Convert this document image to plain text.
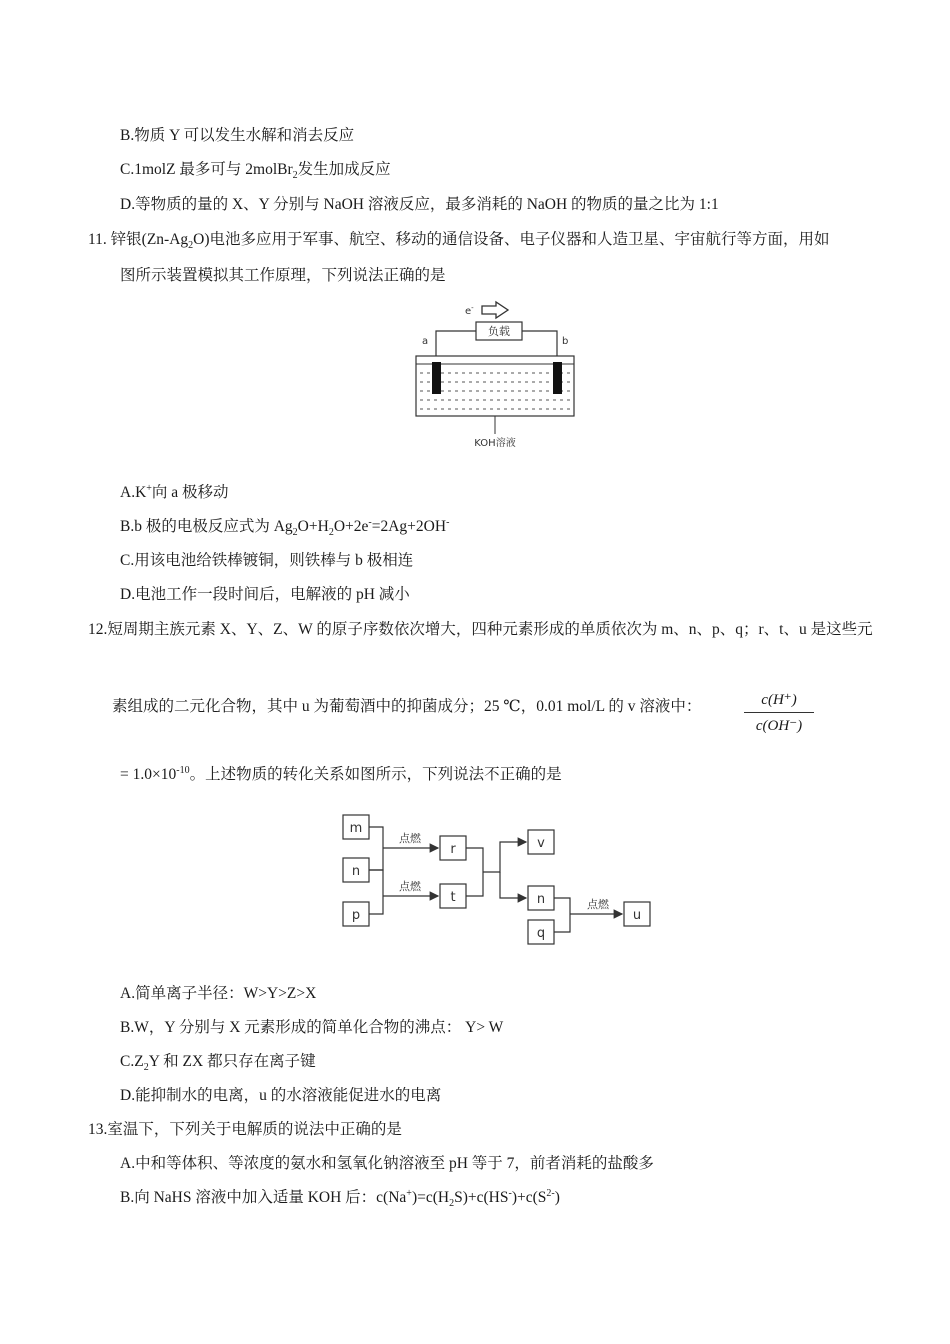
B.物质 Y 可以发生水解和消去反应
C.1molZ 最多可与 2molBr$_2$发生加成反应
D.等物质的量的 X、Y 分别与 NaOH 溶液反应，最多消耗的 NaOH 的物质的量之比为 1:1
11. 锌银$(Zn-Ag_2O)$电池多应用于军事、航空、移动的通信设备、电子仪器和人造卫星、宇宙航行等方面，用如
图所示装置模拟其工作原理，下列说法正确的是
e-
负载
a	b
KOH溶液
A.K+向 a 极移动
B.b 极的电极反应式为 $Ag_2O+H_2O+2e^-=2Ag+2OH^-$
C.用该电池给铁棒镀铜，则铁棒与 b 极相连
D.电池工作一段时间后，电解液的 pH 减小
12.短周期主族元素 X、Y、Z、W 的原子序数依次增大，四种元素形成的单质依次为 m、n、p、q；r、t、u 是这些元
素组成的二元化合物，其中 u 为葡萄酒中的抑菌成分；25 ℃，0.01 mol/L 的 v 溶液中：	c(H⁺)
c(OH⁻)
= $1.0\times 10^{-10}$。上述物质的转化关系如图所示，下列说法不正确的是
m
n
p
r
t
v
n
q
u
点燃
点燃
点燃
A.简单离子半径：W>Y>Z>X
B.W，Y 分别与 X 元素形成的简单化合物的沸点： Y> W
$C.Z_2Y$ 和 ZX 都只存在离子键
D.能抑制水的电离，u 的水溶液能促进水的电离
13.室温下，下列关于电解质的说法中正确的是
A.中和等体积、等浓度的氨水和氢氧化钠溶液至 pH 等于 7，前者消耗的盐酸多
B.向 NaHS 溶液中加入适量 KOH 后：$c(Na^+)=c(H_2S)+c(HS^-)+c(S^{2-})$
